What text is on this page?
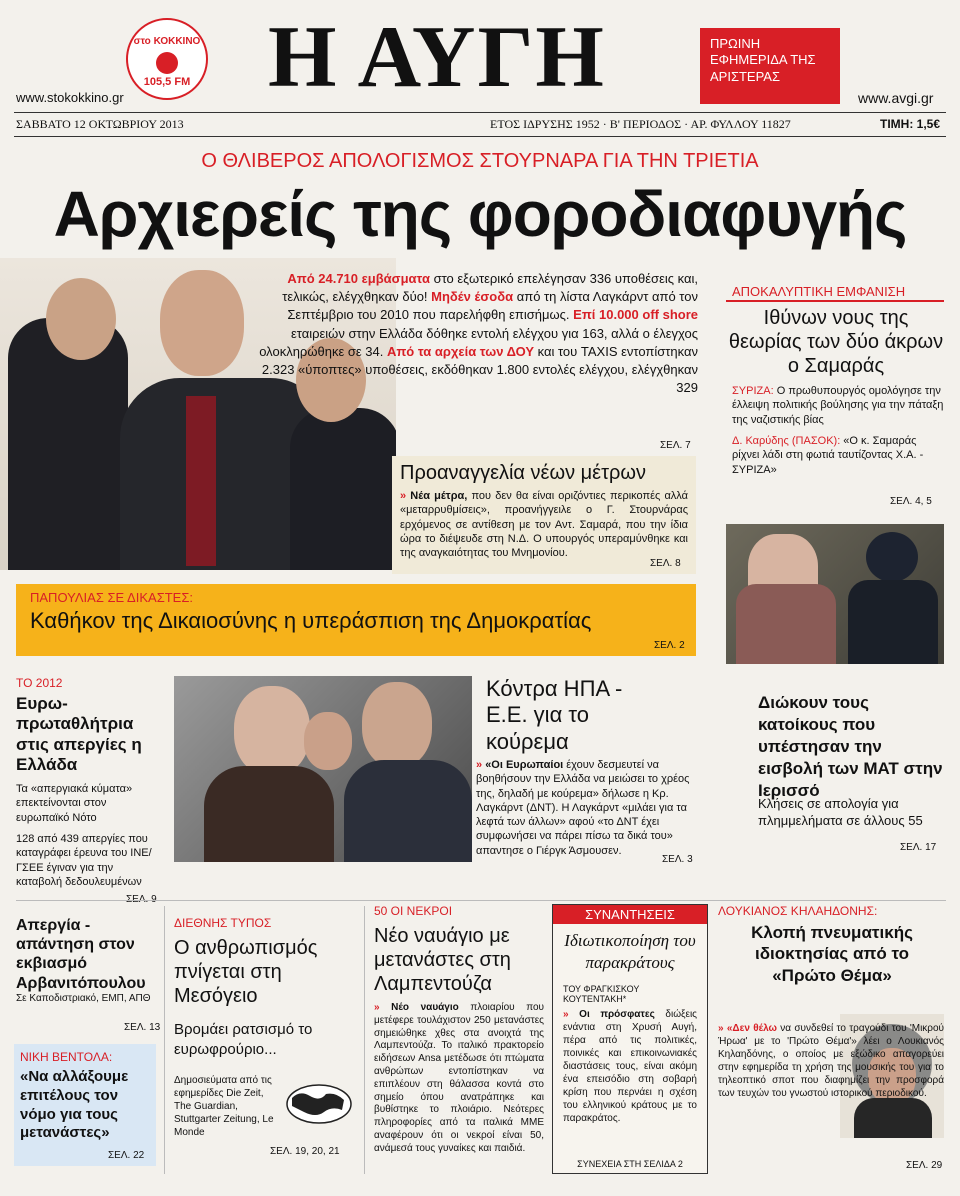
στο ΚΟΚΚΙΝΟ
105,5 FM
www.stokokkino.gr Η ΑΥΓΗ	ΠΡΩΙΝΗ ΕΦΗΜΕΡΙΔΑ ΤΗΣ ΑΡΙΣΤΕΡΑΣ
www.avgi.gr
ΣΑΒΒΑΤΟ 12 ΟΚΤΩΒΡΙΟΥ 2013	ΕΤΟΣ ΙΔΡΥΣΗΣ 1952 · Β' ΠΕΡΙΟΔΟΣ · ΑΡ. ΦΥΛΛΟΥ 11827	ΤΙΜΗ: 1,5€
Ο ΘΛΙΒΕΡΟΣ ΑΠΟΛΟΓΙΣΜΟΣ ΣΤΟΥΡΝΑΡΑ ΓΙΑ ΤΗΝ ΤΡΙΕΤΙΑ
Αρχιερείς της φοροδιαφυγής
Από 24.710 εμβάσματα στο εξωτερικό επελέγησαν 336 υποθέσεις και, τελικώς, ελέγχθηκαν δύο! Μηδέν έσοδα από τη λίστα Λαγκάρντ από τον Σεπτέμβριο του 2010 που παρελήφθη επισήμως. Επί 10.000 off shore εταιρειών στην Ελλάδα δόθηκε εντολή ελέγχου για 163, αλλά ο έλεγχος ολοκληρώθηκε σε 34. Από τα αρχεία των ΔΟΥ και του TAXIS εντοπίστηκαν 2.323 «ύποπτες» υποθέσεις, εκδόθηκαν 1.800 εντολές ελέγχου, ελέγχθηκαν 329
ΣΕΛ. 7
Προαναγγελία νέων μέτρων
» Νέα μέτρα, που δεν θα είναι οριζόντιες περικοπές αλλά «μεταρρυθμίσεις», προανήγγειλε ο Γ. Στουρνάρας ερχόμενος σε αντίθεση με τον Αντ. Σαμαρά, που την ίδια ώρα το διέψευδε στη Ν.Δ. Ο υπουργός υπεραμύνθηκε και της αναγκαιότητας του Μνημονίου.
ΣΕΛ. 8
ΑΠΟΚΑΛΥΠΤΙΚΗ ΕΜΦΑΝΙΣΗ
Ιθύνων νους της θεωρίας των δύο άκρων ο Σαμαράς
ΣΥΡΙΖΑ: Ο πρωθυπουργός ομολόγησε την έλλειψη πολιτικής βούλησης για την πάταξη της ναζιστικής βίας
Δ. Καρύδης (ΠΑΣΟΚ): «Ο κ. Σαμαράς ρίχνει λάδι στη φωτιά ταυτίζοντας Χ.Α. - ΣΥΡΙΖΑ»
ΣΕΛ. 4, 5
ΠΑΠΟΥΛΙΑΣ ΣΕ ΔΙΚΑΣΤΕΣ:
Καθήκον της Δικαιοσύνης η υπεράσπιση της Δημοκρατίας
ΣΕΛ. 2
ΤΟ 2012
Ευρω-πρωταθλήτρια στις απεργίες η Ελλάδα
Τα «απεργιακά κύματα» επεκτείνονται στον ευρωπαϊκό Νότο
128 από 439 απεργίες που καταγράφει έρευνα του ΙΝΕ/ΓΣΕΕ έγιναν για την καταβολή δεδουλευμένων
Κόντρα ΗΠΑ - Ε.Ε. για το κούρεμα
» «Οι Ευρωπαίοι έχουν δεσμευτεί να βοηθήσουν την Ελλάδα να μειώσει το χρέος της, δηλαδή με κούρεμα» δήλωσε η Κρ. Λαγκάρντ (ΔΝΤ). Η Λαγκάρντ «μιλάει για τα λεφτά των άλλων» αφού «το ΔΝΤ έχει συμφωνήσει να πάρει πίσω τα δικά του» απαντησε ο Γιέργκ Άσμουσεν.
ΣΕΛ. 3
Διώκουν τους κατοίκους που υπέστησαν την εισβολή των ΜΑΤ στην Ιερισσό
Κλήσεις σε απολογία για πλημμελήματα σε άλλους 55
ΣΕΛ. 17
Απεργία - απάντηση στον εκβιασμό Αρβανιτόπουλου
Σε Καποδιστριακό, ΕΜΠ, ΑΠΘ
ΣΕΛ. 13
ΝΙΚΗ ΒΕΝΤΟΛΑ:
«Να αλλάξουμε επιτέλους τον νόμο για τους μετανάστες»
ΣΕΛ. 22
ΔΙΕΘΝΗΣ ΤΥΠΟΣ
Ο ανθρωπισμός πνίγεται στη Μεσόγειο
Βρομάει ρατσισμό το ευρωφρούριο...
Δημοσιεύματα από τις εφημερίδες Die Zeit, The Guardian, Stuttgarter Zeitung, Le Monde
ΣΕΛ. 19, 20, 21
50 ΟΙ ΝΕΚΡΟΙ
Νέο ναυάγιο με μετανάστες στη Λαμπεντούζα
» Νέο ναυάγιο πλοιαρίου που μετέφερε τουλάχιστον 250 μετανάστες σημειώθηκε χθες στα ανοιχτά της Λαμπεντούζα. Το ιταλικό πρακτορείο ειδήσεων Ansa μετέδωσε ότι πτώματα ανθρώπων εντοπίστηκαν να επιπλέουν στη θάλασσα κοντά στο σημείο όπου ανατράπηκε και βυθίστηκε το πλοιάριο. Νεότερες πληροφορίες από τα ιταλικά ΜΜΕ αναφέρουν ότι οι νεκροί είναι 50, ανάμεσά τους γυναίκες και παιδιά.
ΣΥΝΑΝΤΗΣΕΙΣ
Ιδιωτικοποίηση του παρακράτους
ΤΟΥ ΦΡΑΓΚΙΣΚΟΥ ΚΟΥΤΕΝΤΑΚΗ*
» Οι πρόσφατες διώξεις ενάντια στη Χρυσή Αυγή, πέρα από τις πολιτικές, ποινικές και επικοινωνιακές διαστάσεις τους, είναι ακόμη ένα επεισόδιο στη σοβαρή κρίση που περνάει η σχέση του ελληνικού κράτους με το παρακράτος.
ΣΥΝΕΧΕΙΑ ΣΤΗ ΣΕΛΙΔΑ 2
ΛΟΥΚΙΑΝΟΣ ΚΗΛΑΗΔΟΝΗΣ:
Κλοπή πνευματικής ιδιοκτησίας από το «Πρώτο Θέμα»
» «Δεν θέλω να συνδεθεί το τραγούδι του 'Μικρού Ήρωα' με το 'Πρώτο Θέμα'» λέει ο Λουκιανός Κηλαηδόνης, ο οποίος με εξώδικο απαγορεύει στην εφημερίδα τη χρήση της μουσικής του για το τηλεοπτικό σποτ που διαφημίζει την προσφορά των τευχών του γνωστού ιστορικού περιοδικού.
ΣΕΛ. 29
